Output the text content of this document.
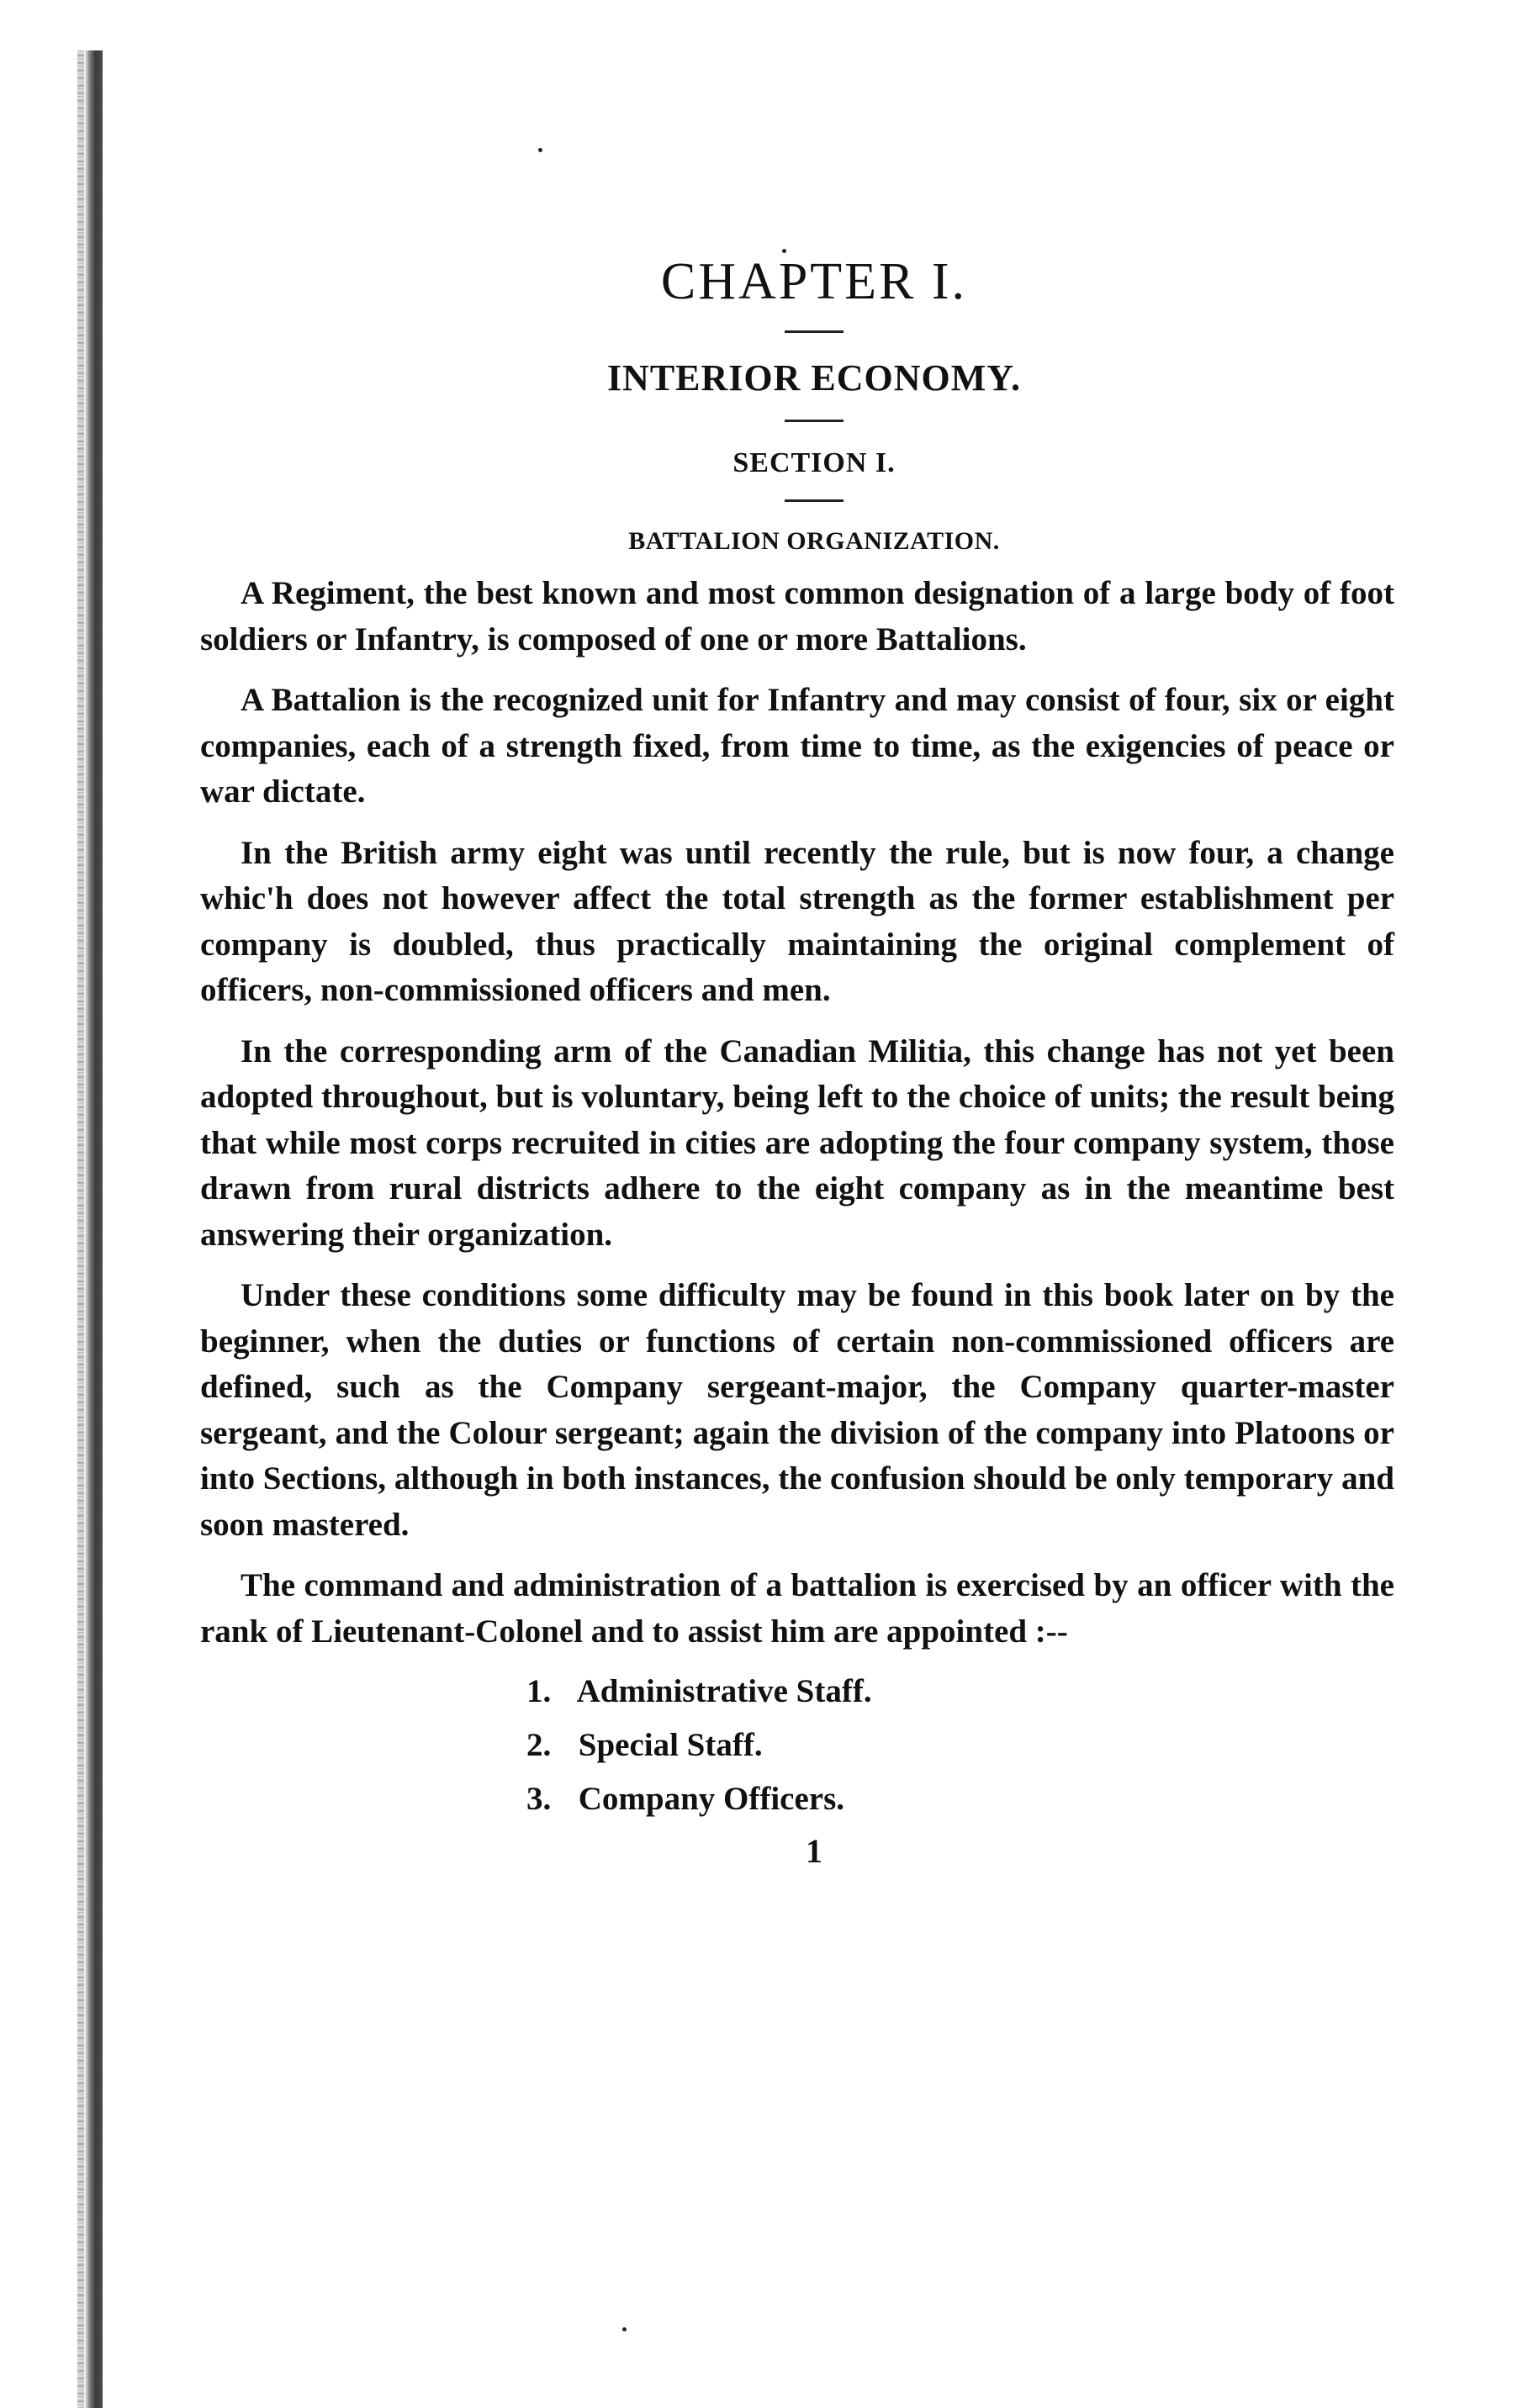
CHAPTER I.
INTERIOR ECONOMY.
SECTION I.
BATTALION ORGANIZATION.

A Regiment, the best known and most common designation of a large body of foot soldiers or Infantry, is composed of one or more Battalions.

A Battalion is the recognized unit for Infantry and may consist of four, six or eight companies, each of a strength fixed, from time to time, as the exigencies of peace or war dictate.

In the British army eight was until recently the rule, but is now four, a change whic'​h does not however affect the total strength as the former establishment per company is doubled, thus practically maintaining the original complement of officers, non-commissi​oned officers and men.

In the corresponding arm of the Canadian Militia, this change has not yet been adopted throughout, but is voluntary, being left to the choice of units; the result being that while most corps recruited in cities are adopting the four company system, those drawn from rural districts adhere to the eight company as in the meantime best answering their organization.

Under these conditions some difficulty may be found in this book later on by the beginner, when the duties or functions of certain non-commissioned officers are defined, such as the Company sergeant-major, the Company quarter-master sergeant, and the Colour sergeant; again the division of the company into Platoons or into Sections, although in both instances, the confusion should be only temporary and soon mastered.

The command and administration of a battalion is exercised by an officer with the rank of Lieutenant-Colonel and to assist him are appointed :--

1. Administrative Staff.
2. Special Staff.
3. Company Officers.
1
